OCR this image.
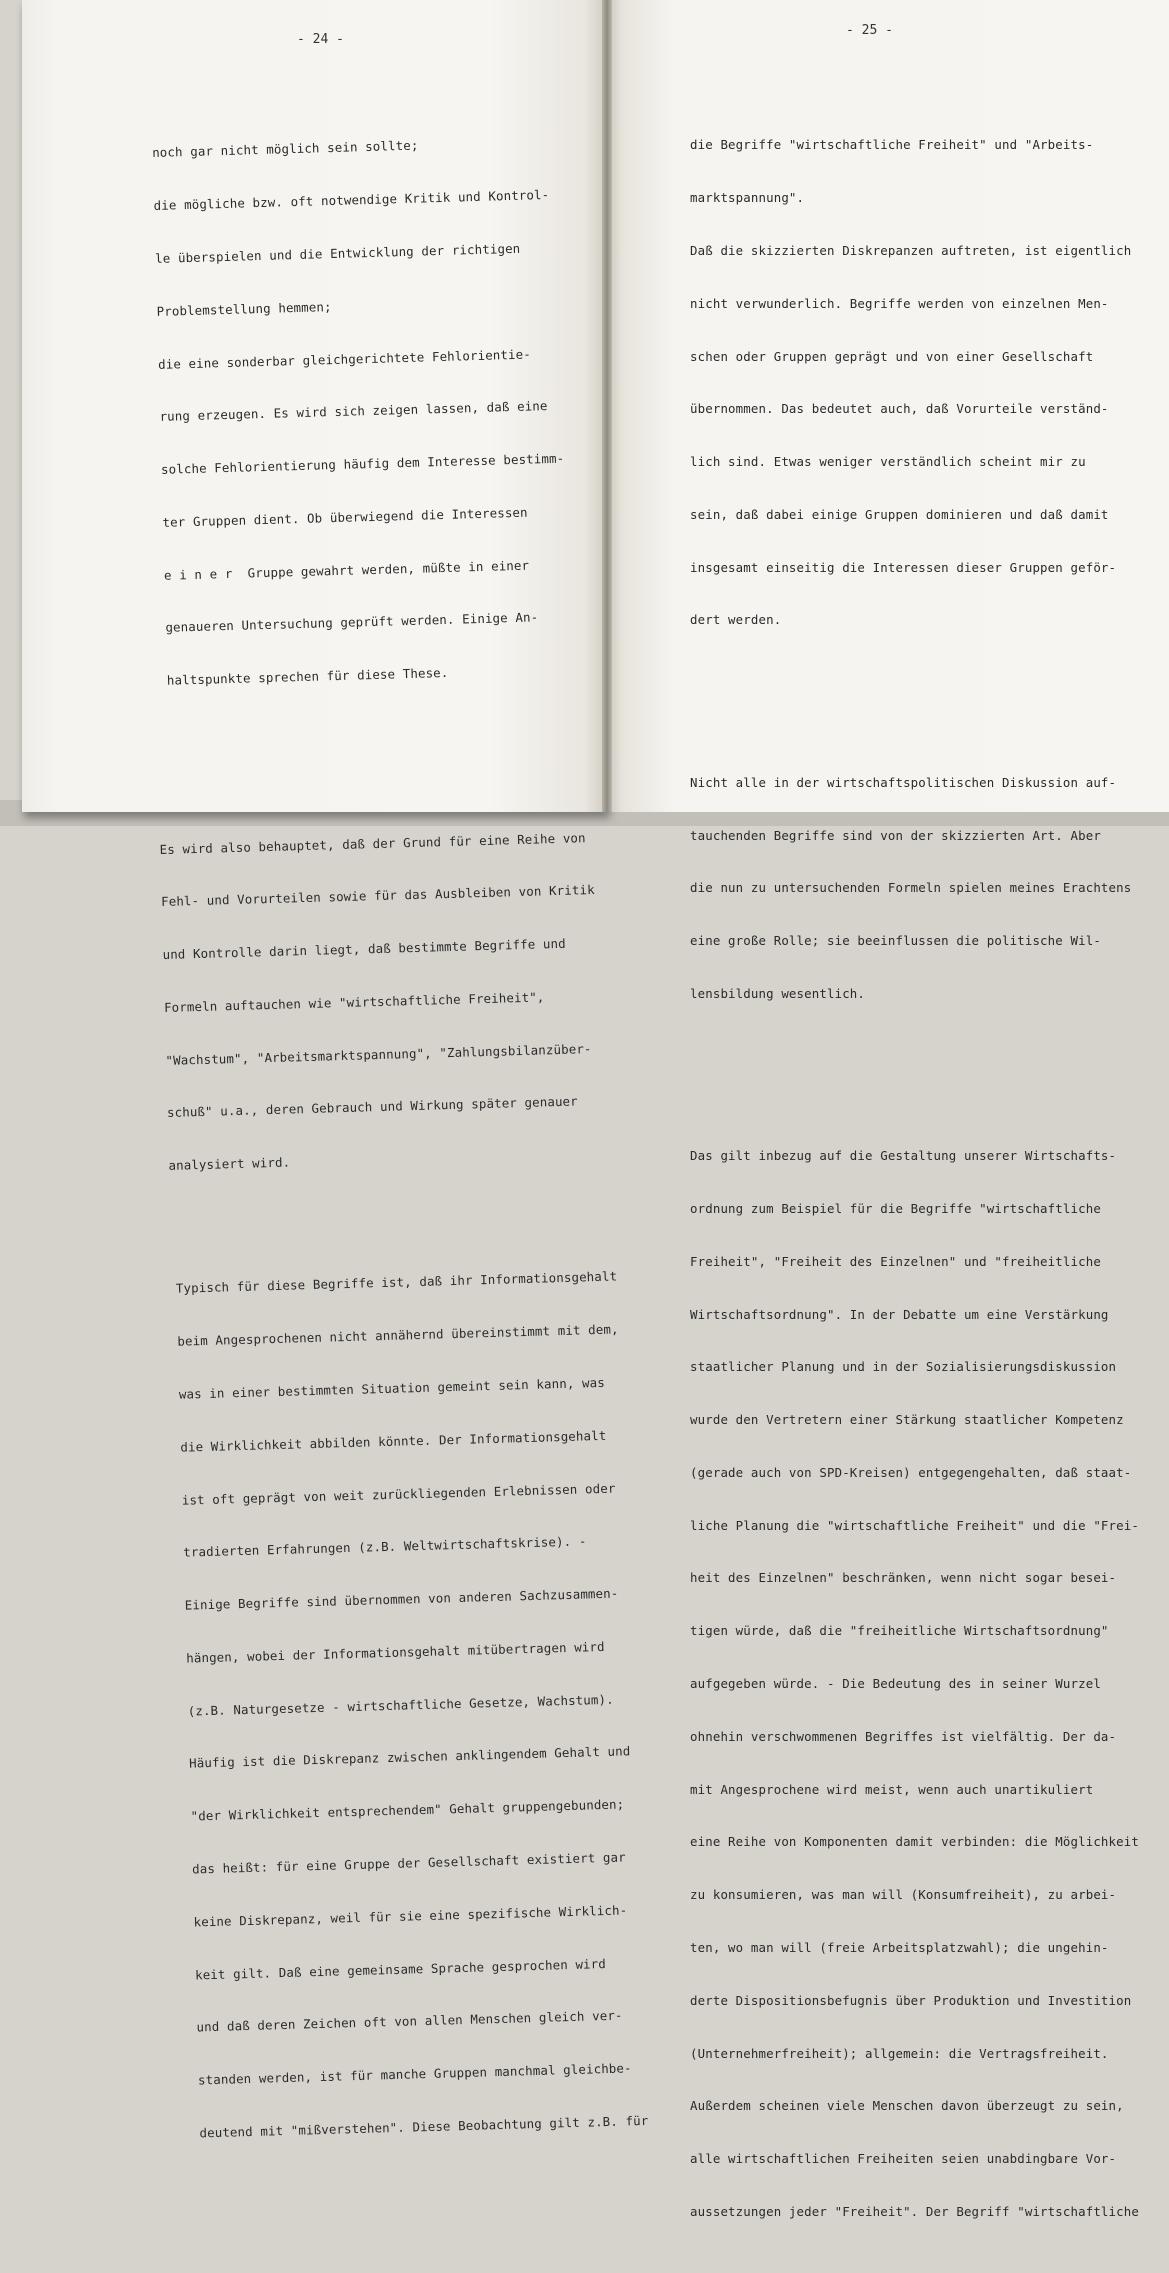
- 24 -
- 25 -

noch gar nicht möglich sein sollte;

die mögliche bzw. oft notwendige Kritik und Kontrol-

le überspielen und die Entwicklung der richtigen

Problemstellung hemmen;

die eine sonderbar gleichgerichtete Fehlorientie-

rung erzeugen. Es wird sich zeigen lassen, daß eine

solche Fehlorientierung häufig dem Interesse bestimm-

ter Gruppen dient. Ob überwiegend die Interessen

e i n e r  Gruppe gewahrt werden, müßte in einer

genaueren Untersuchung geprüft werden. Einige An-

haltspunkte sprechen für diese These.

Es wird also behauptet, daß der Grund für eine Reihe von

Fehl- und Vorurteilen sowie für das Ausbleiben von Kritik

und Kontrolle darin liegt, daß bestimmte Begriffe und

Formeln auftauchen wie "wirtschaftliche Freiheit",

"Wachstum", "Arbeitsmarktspannung", "Zahlungsbilanzüber-

schuß" u.a., deren Gebrauch und Wirkung später genauer

analysiert wird.

Typisch für diese Begriffe ist, daß ihr Informationsgehalt

beim Angesprochenen nicht annähernd übereinstimmt mit dem,

was in einer bestimmten Situation gemeint sein kann, was

die Wirklichkeit abbilden könnte. Der Informationsgehalt

ist oft geprägt von weit zurückliegenden Erlebnissen oder

tradierten Erfahrungen (z.B. Weltwirtschaftskrise). -

Einige Begriffe sind übernommen von anderen Sachzusammen-

hängen, wobei der Informationsgehalt mitübertragen wird

(z.B. Naturgesetze - wirtschaftliche Gesetze, Wachstum).

Häufig ist die Diskrepanz zwischen anklingendem Gehalt und

"der Wirklichkeit entsprechendem" Gehalt gruppengebunden;

das heißt: für eine Gruppe der Gesellschaft existiert gar

keine Diskrepanz, weil für sie eine spezifische Wirklich-

keit gilt. Daß eine gemeinsame Sprache gesprochen wird

und daß deren Zeichen oft von allen Menschen gleich ver-

standen werden, ist für manche Gruppen manchmal gleichbe-

deutend mit "mißverstehen". Diese Beobachtung gilt z.B. für

die Begriffe "wirtschaftliche Freiheit" und "Arbeits-

marktspannung".

Daß die skizzierten Diskrepanzen auftreten, ist eigentlich

nicht verwunderlich. Begriffe werden von einzelnen Men-

schen oder Gruppen geprägt und von einer Gesellschaft

übernommen. Das bedeutet auch, daß Vorurteile verständ-

lich sind. Etwas weniger verständlich scheint mir zu

sein, daß dabei einige Gruppen dominieren und daß damit

insgesamt einseitig die Interessen dieser Gruppen geför-

dert werden.

Nicht alle in der wirtschaftspolitischen Diskussion auf-

tauchenden Begriffe sind von der skizzierten Art. Aber

die nun zu untersuchenden Formeln spielen meines Erachtens

eine große Rolle; sie beeinflussen die politische Wil-

lensbildung wesentlich.

Das gilt inbezug auf die Gestaltung unserer Wirtschafts-

ordnung zum Beispiel für die Begriffe "wirtschaftliche

Freiheit", "Freiheit des Einzelnen" und "freiheitliche

Wirtschaftsordnung". In der Debatte um eine Verstärkung

staatlicher Planung und in der Sozialisierungsdiskussion

wurde den Vertretern einer Stärkung staatlicher Kompetenz

(gerade auch von SPD-Kreisen) entgegengehalten, daß staat-

liche Planung die "wirtschaftliche Freiheit" und die "Frei-

heit des Einzelnen" beschränken, wenn nicht sogar besei-

tigen würde, daß die "freiheitliche Wirtschaftsordnung"

aufgegeben würde. - Die Bedeutung des in seiner Wurzel

ohnehin verschwommenen Begriffes ist vielfältig. Der da-

mit Angesprochene wird meist, wenn auch unartikuliert

eine Reihe von Komponenten damit verbinden: die Möglichkeit

zu konsumieren, was man will (Konsumfreiheit), zu arbei-

ten, wo man will (freie Arbeitsplatzwahl); die ungehin-

derte Dispositionsbefugnis über Produktion und Investition

(Unternehmerfreiheit); allgemein: die Vertragsfreiheit.

Außerdem scheinen viele Menschen davon überzeugt zu sein,

alle wirtschaftlichen Freiheiten seien unabdingbare Vor-

aussetzungen jeder "Freiheit". Der Begriff "wirtschaftliche
